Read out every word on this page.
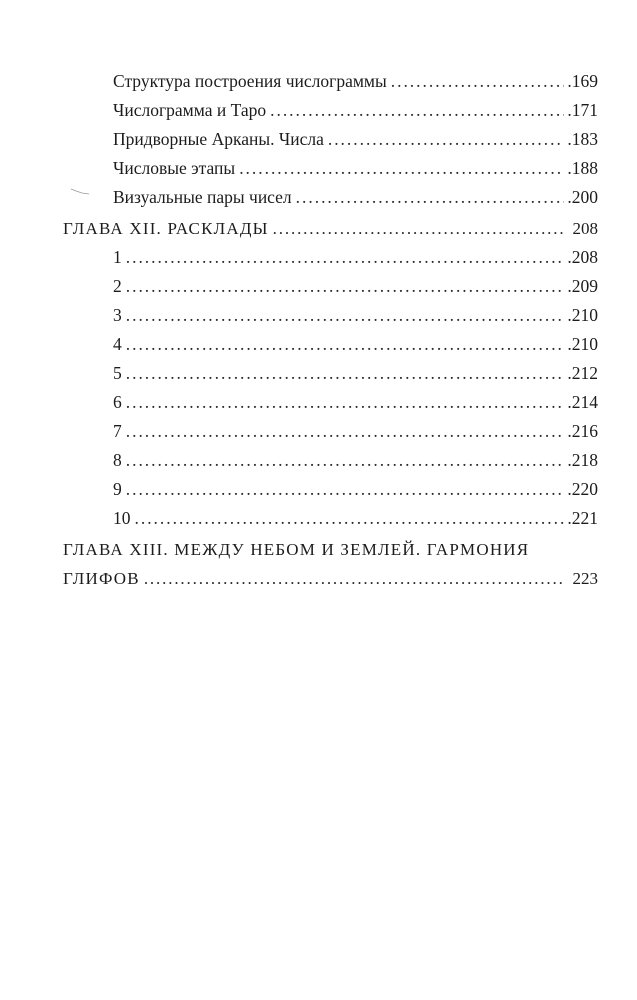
Структура построения числограммы . . .	.169
Числограмма и Таро . . .	.171
Придворные Арканы. Числа . . .	.183
Числовые этапы . . .	.188
Визуальные пары чисел . . .	.200
ГЛАВА XII. РАСКЛАДЫ . . .	208
1 . . .	.208
2 . . .	.209
3 . . .	.210
4 . . .	.210
5 . . .	.212
6 . . .	.214
7 . . .	.216
8 . . .	.218
9 . . .	.220
10 . . .	.221
ГЛАВА XIII. МЕЖДУ НЕБОМ И ЗЕМЛЕЙ. ГАРМОНИЯ
ГЛИФОВ . . .	223
